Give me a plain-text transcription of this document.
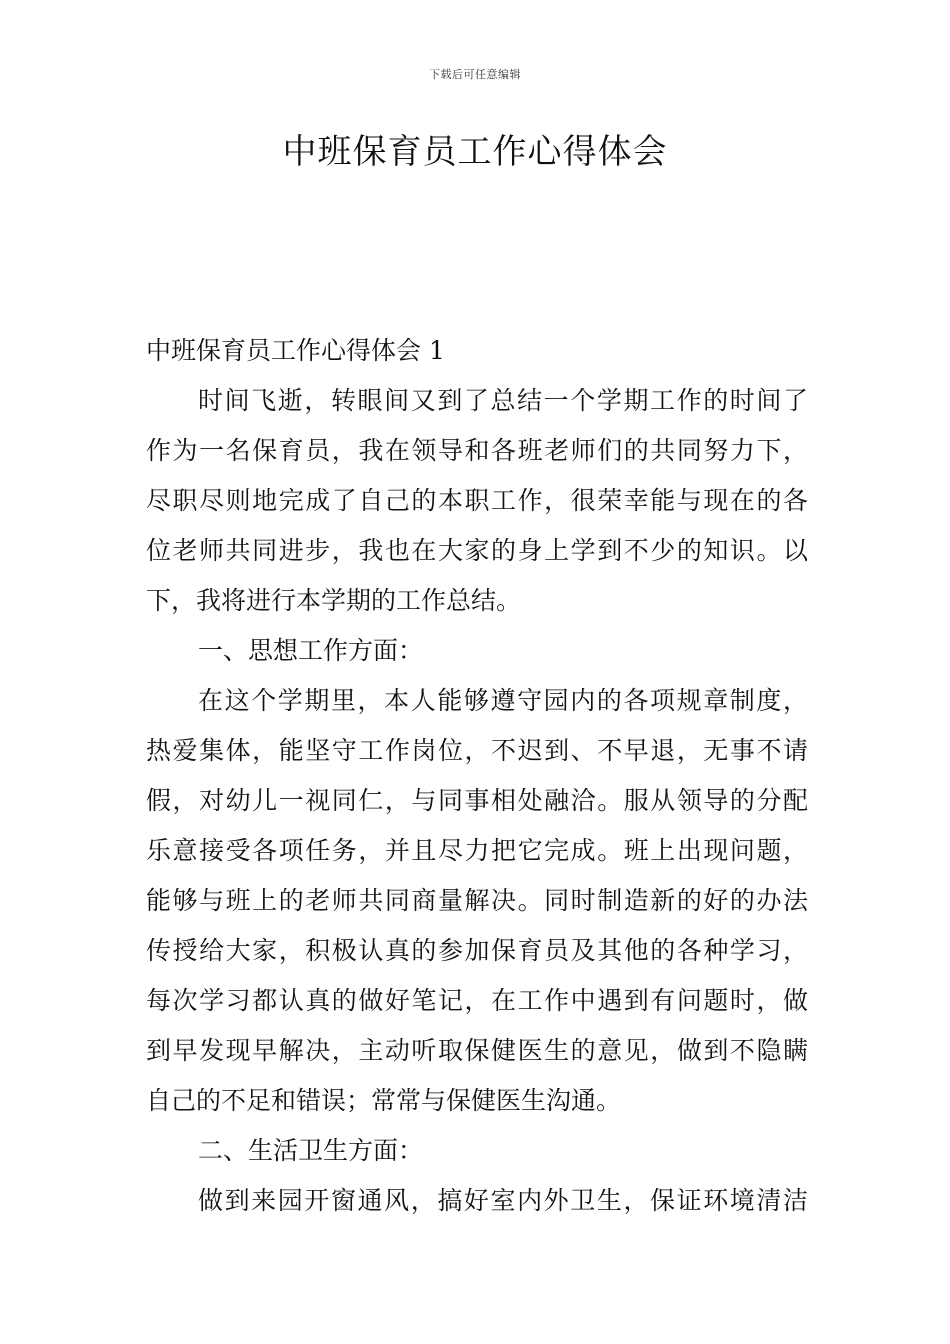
下载后可任意编辑
中班保育员工作心得体会

中班保育员工作心得体会 1

时间飞逝，转眼间又到了总结一个学期工作的时间了

作为一名保育员，我在领导和各班老师们的共同努力下，

尽职尽则地完成了自己的本职工作，很荣幸能与现在的各

位老师共同进步，我也在大家的身上学到不少的知识。以

下，我将进行本学期的工作总结。

一、思想工作方面：

在这个学期里，本人能够遵守园内的各项规章制度，

热爱集体，能坚守工作岗位，不迟到、不早退，无事不请

假，对幼儿一视同仁，与同事相处融洽。服从领导的分配

乐意接受各项任务，并且尽力把它完成。班上出现问题，

能够与班上的老师共同商量解决。同时制造新的好的办法

传授给大家，积极认真的参加保育员及其他的各种学习，

每次学习都认真的做好笔记，在工作中遇到有问题时，做

到早发现早解决，主动听取保健医生的意见，做到不隐瞒

自己的不足和错误；常常与保健医生沟通。

二、生活卫生方面：

做到来园开窗通风，搞好室内外卫生，保证环境清洁
